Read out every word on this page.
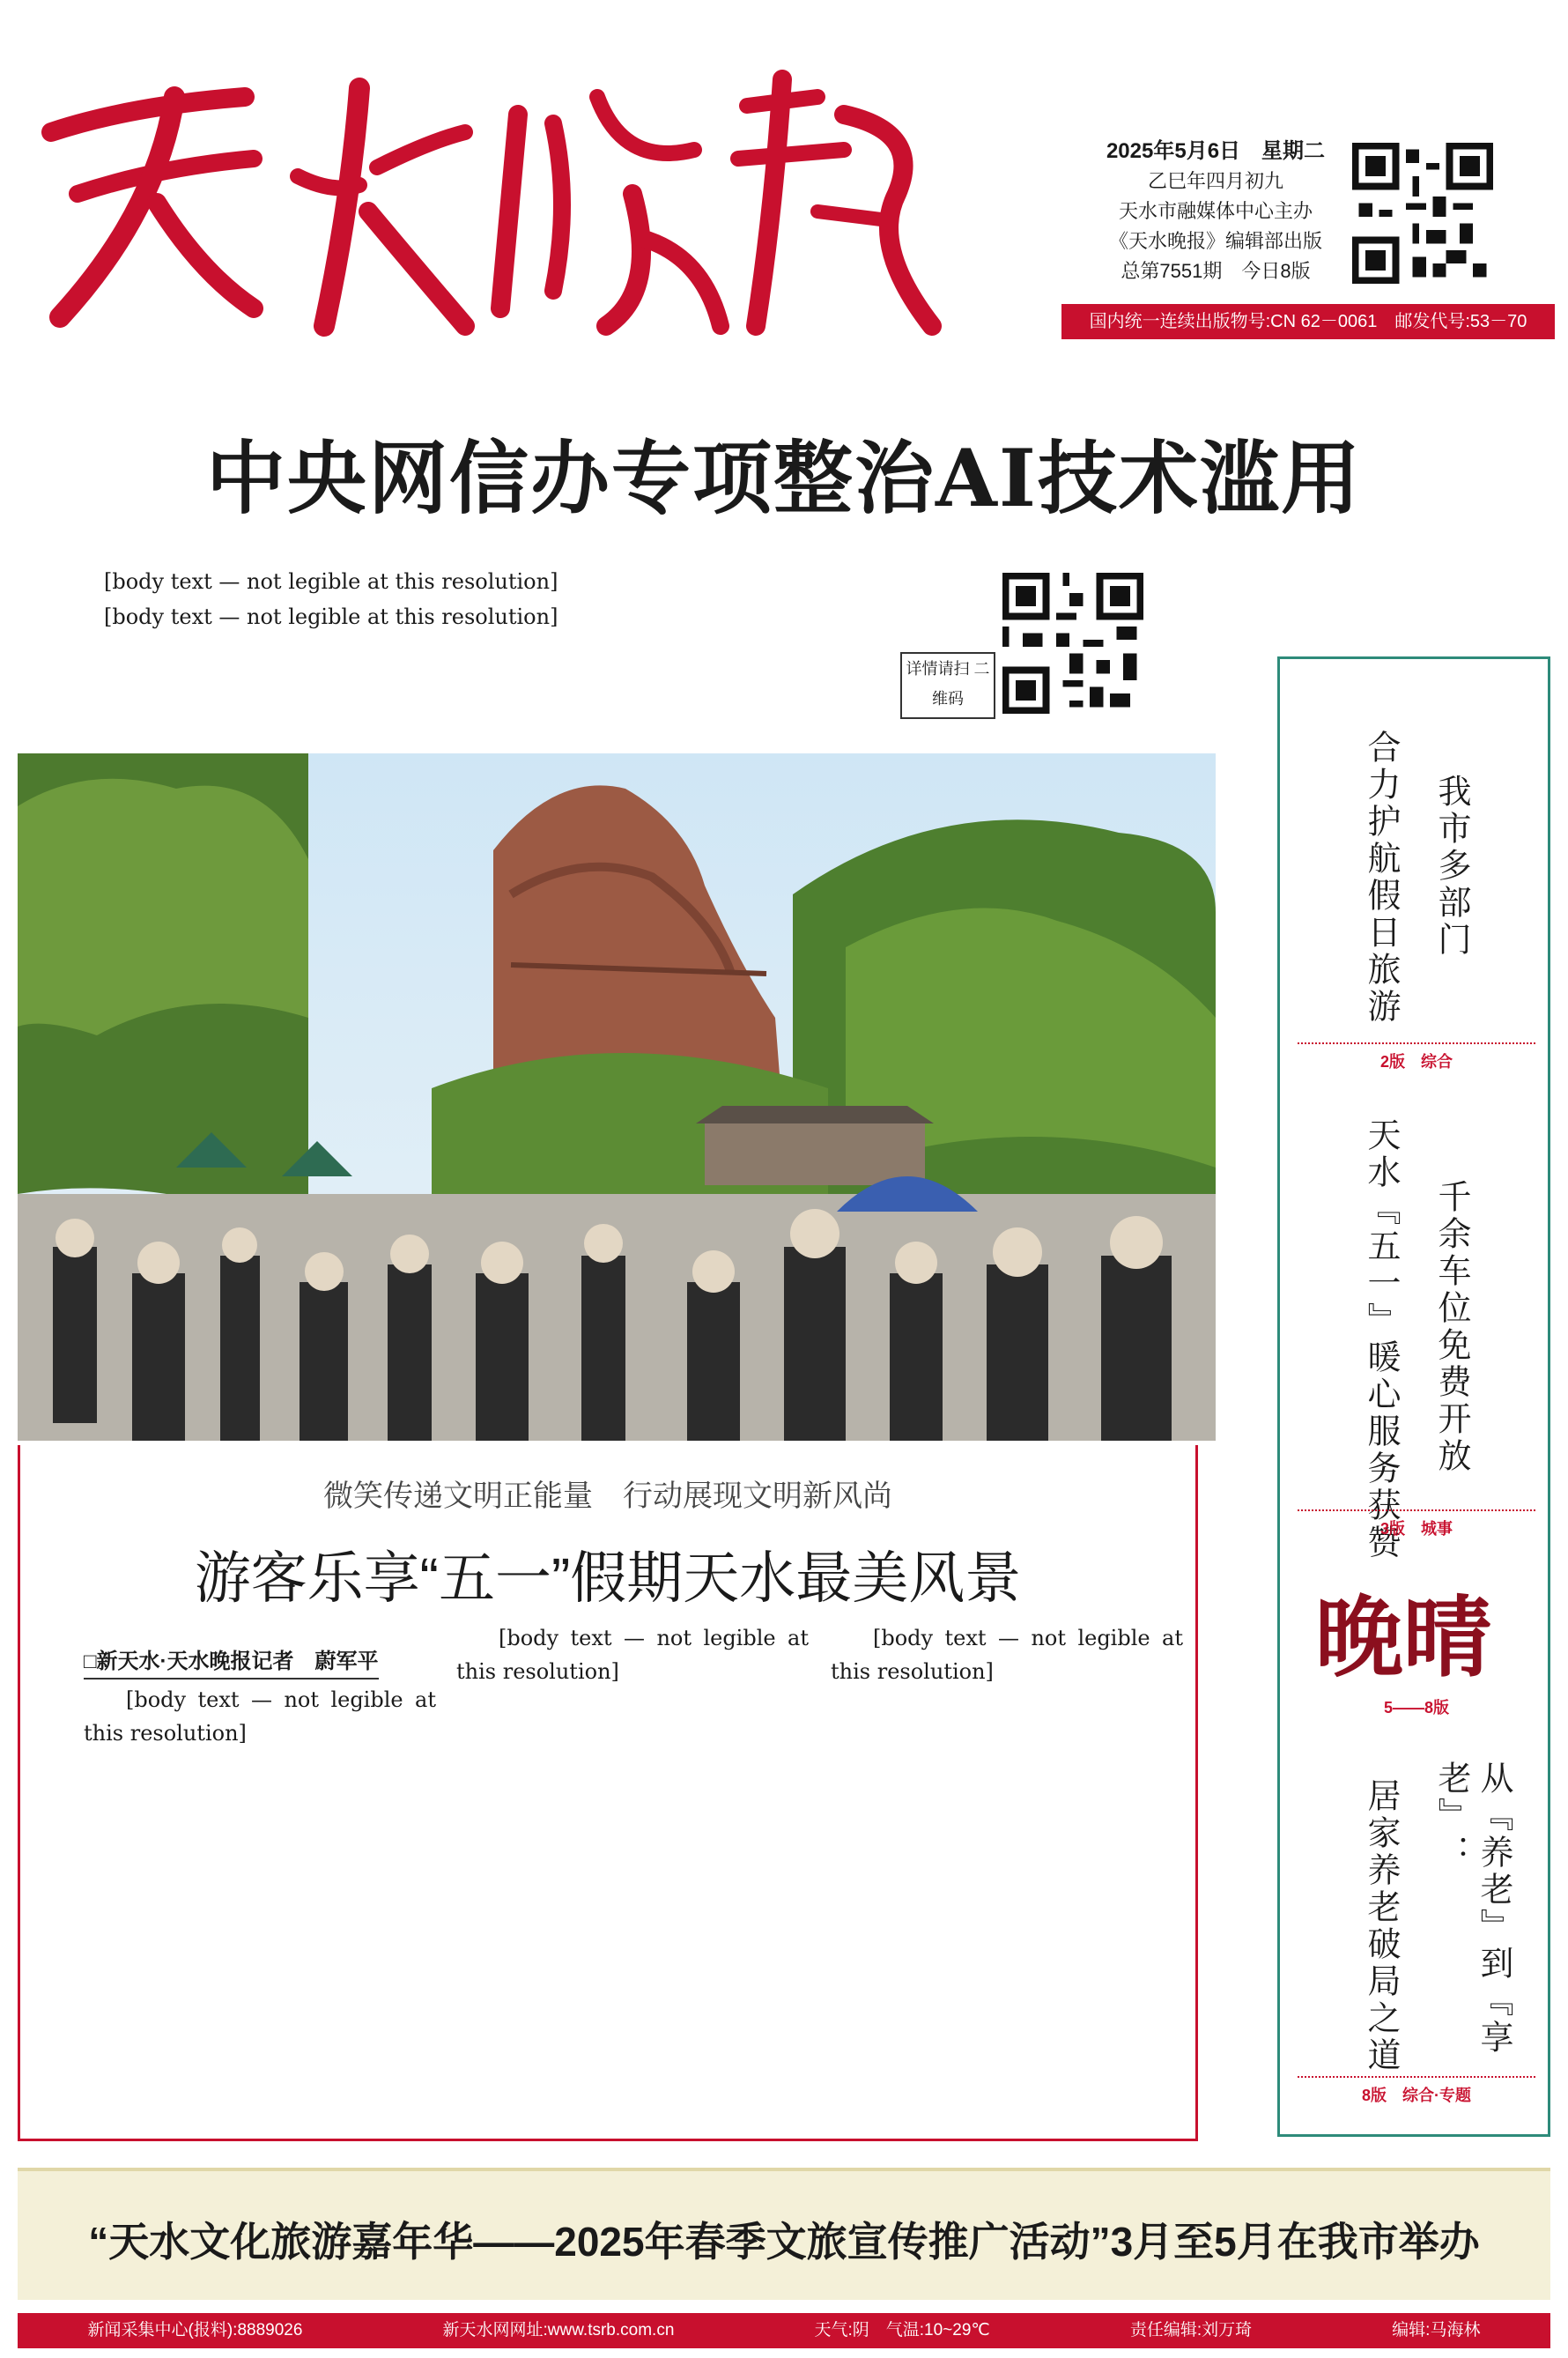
2025年5月6日　星期二
乙巳年四月初九
天水市融媒体中心主办
《天水晚报》编辑部出版
总第7551期　今日8版
国内统一连续出版物号:CN 62－0061　邮发代号:53－70
中央网信办专项整治AI技术滥用

[body text — not legible at this resolution]

[body text — not legible at this resolution]

详情请扫 二维码
微笑传递文明正能量　行动展现文明新风尚
游客乐享“五一”假期天水最美风景
□新天水·天水晚报记者　蔚军平

[body text — not legible at this resolution]

[body text — not legible at this resolution]

[body text — not legible at this resolution]

我市多部门
合力护航假日旅游
2版　综合
千余车位免费开放
天水『五一』暖心服务获赞
3版　城事
晚晴
5——8版
从『养老』到『享老』：
居家养老破局之道
8版　综合·专题
“天水文化旅游嘉年华——2025年春季文旅宣传推广活动”3月至5月在我市举办
新闻采集中心(报料):8889026	新天水网网址:www.tsrb.com.cn	天气:阴　气温:10~29℃	责任编辑:刘万琦	编辑:马海林
